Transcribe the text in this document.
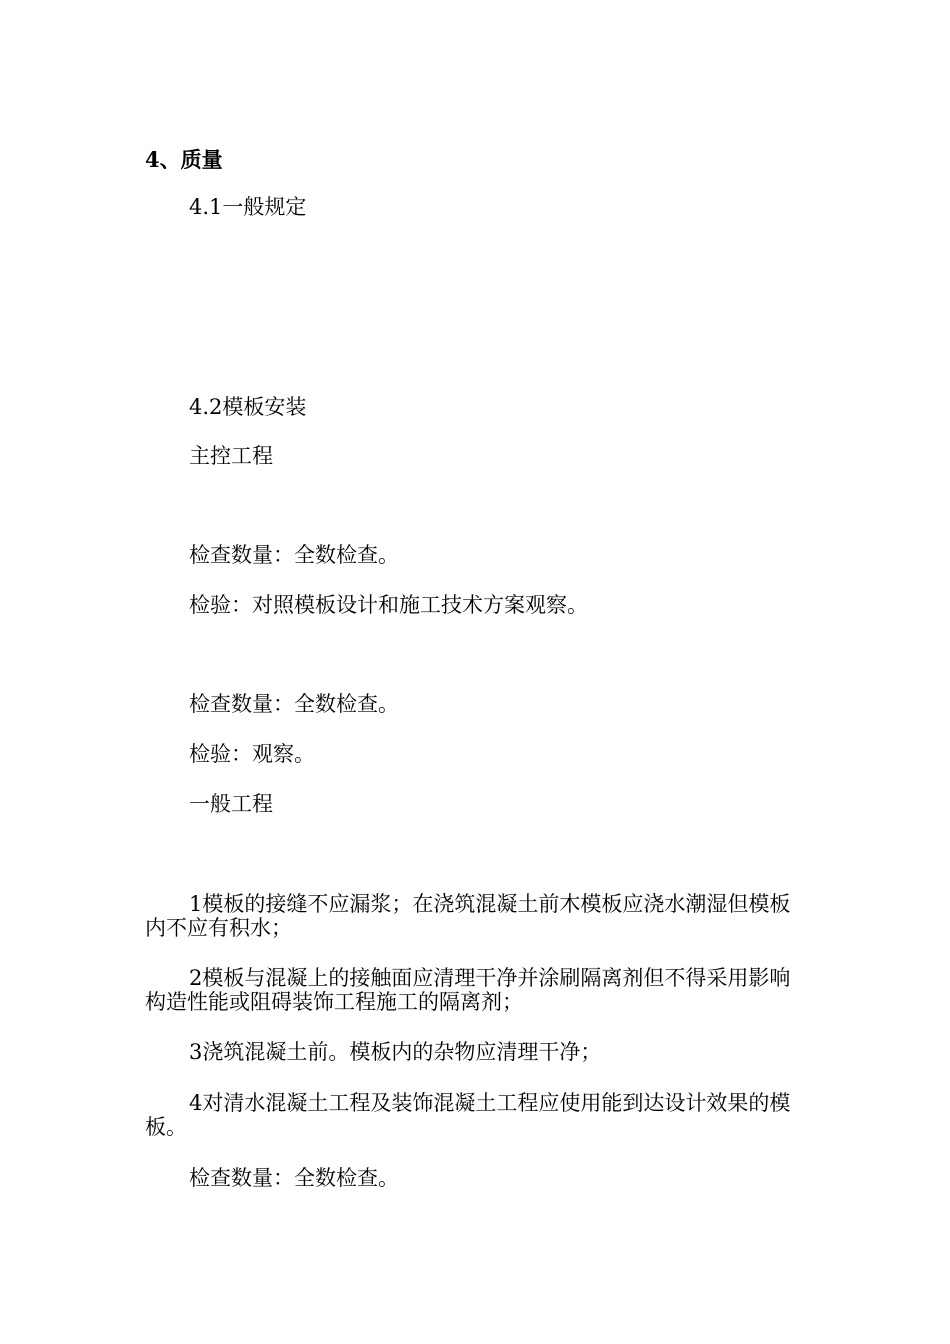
4、质量

4.1一般规定

4.2模板安装

主控工程

检查数量：全数检查。

检验：对照模板设计和施工技术方案观察。

检查数量：全数检查。

检验：观察。

一般工程

1模板的接缝不应漏浆；在浇筑混凝土前木模板应浇水潮湿但模板内不应有积水；

2模板与混凝上的接触面应清理干净并涂刷隔离剂但不得采用影响构造性能或阻碍装饰工程施工的隔离剂；

3浇筑混凝土前。模板内的杂物应清理干净；

4对清水混凝土工程及装饰混凝土工程应使用能到达设计效果的模板。

检查数量：全数检查。
